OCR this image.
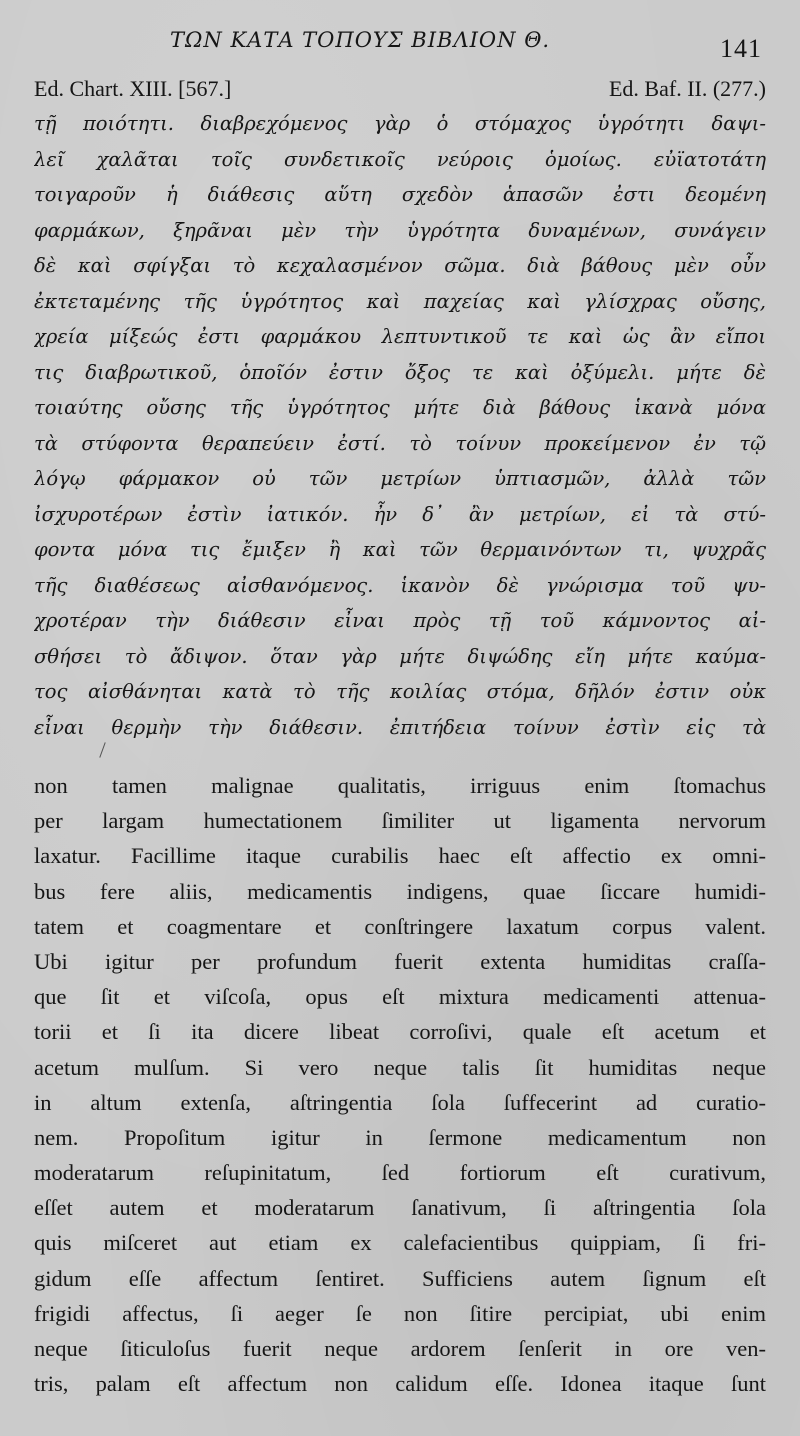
ΤΩΝ ΚΑΤΑ ΤΟΠΟΥΣ ΒΙΒΛΙΟΝ Θ.	141
Ed. Chart. XIII. [567.]	Ed. Baf. II. (277.)
τῇ ποιότητι. διαβρεχόμενος γὰρ ὁ στόμαχος ὑγρότητι δαψι-
λεῖ χαλᾶται τοῖς συνδετικοῖς νεύροις ὁμοίως. εὐϊατοτάτη
τοιγαροῦν ἡ διάθεσις αὕτη σχεδὸν ἁπασῶν ἐστι δεομένη
φαρμάκων, ξηρᾶναι μὲν τὴν ὑγρότητα δυναμένων, συνάγειν
δὲ καὶ σφίγξαι τὸ κεχαλασμένον σῶμα. διὰ βάθους μὲν οὖν
ἐκτεταμένης τῆς ὑγρότητος καὶ παχείας καὶ γλίσχρας οὔσης,
χρεία μίξεώς ἐστι φαρμάκου λεπτυντικοῦ τε καὶ ὡς ἂν εἴποι
τις διαβρωτικοῦ, ὁποῖόν ἐστιν ὄξος τε καὶ ὀξύμελι. μήτε δὲ
τοιαύτης οὔσης τῆς ὑγρότητος μήτε διὰ βάθους ἱκανὰ μόνα
τὰ στύφοντα θεραπεύειν ἐστί. τὸ τοίνυν προκείμενον ἐν τῷ
λόγῳ φάρμακον οὐ τῶν μετρίων ὑπτιασμῶν, ἀλλὰ τῶν
ἰσχυροτέρων ἐστὶν ἰατικόν. ἦν δ᾽ ἂν μετρίων, εἰ τὰ στύ-
φοντα μόνα τις ἔμιξεν ἢ καὶ τῶν θερμαινόντων τι, ψυχρᾶς
τῆς διαθέσεως αἰσθανόμενος. ἱκανὸν δὲ γνώρισμα τοῦ ψυ-
χροτέραν τὴν διάθεσιν εἶναι πρὸς τῇ τοῦ κάμνοντος αἰ-
σθήσει τὸ ἄδιψον. ὅταν γὰρ μήτε διψώδης εἴη μήτε καύμα-
τος αἰσθάνηται κατὰ τὸ τῆς κοιλίας στόμα, δῆλόν ἐστιν οὐκ
εἶναι θερμὴν τὴν διάθεσιν. ἐπιτήδεια τοίνυν ἐστὶν εἰς τὰ
non tamen malignae qualitatis, irriguus enim ſtomachus
per largam humectationem ſimiliter ut ligamenta nervorum
laxatur. Facillime itaque curabilis haec eſt affectio ex omni-
bus fere aliis, medicamentis indigens, quae ſiccare humidi-
tatem et coagmentare et conſtringere laxatum corpus valent.
Ubi igitur per profundum fuerit extenta humiditas craſſa-
que ſit et viſcoſa, opus eſt mixtura medicamenti attenua-
torii et ſi ita dicere libeat corroſivi, quale eſt acetum et
acetum mulſum. Si vero neque talis ſit humiditas neque
in altum extenſa, aſtringentia ſola ſuffecerint ad curatio-
nem. Propoſitum igitur in ſermone medicamentum non
moderatarum reſupinitatum, ſed fortiorum eſt curativum,
eſſet autem et moderatarum ſanativum, ſi aſtringentia ſola
quis miſceret aut etiam ex calefacientibus quippiam, ſi fri-
gidum eſſe affectum ſentiret. Sufficiens autem ſignum eſt
frigidi affectus, ſi aeger ſe non ſitire percipiat, ubi enim
neque ſiticuloſus fuerit neque ardorem ſenſerit in ore ven-
tris, palam eſt affectum non calidum eſſe. Idonea itaque ſunt
